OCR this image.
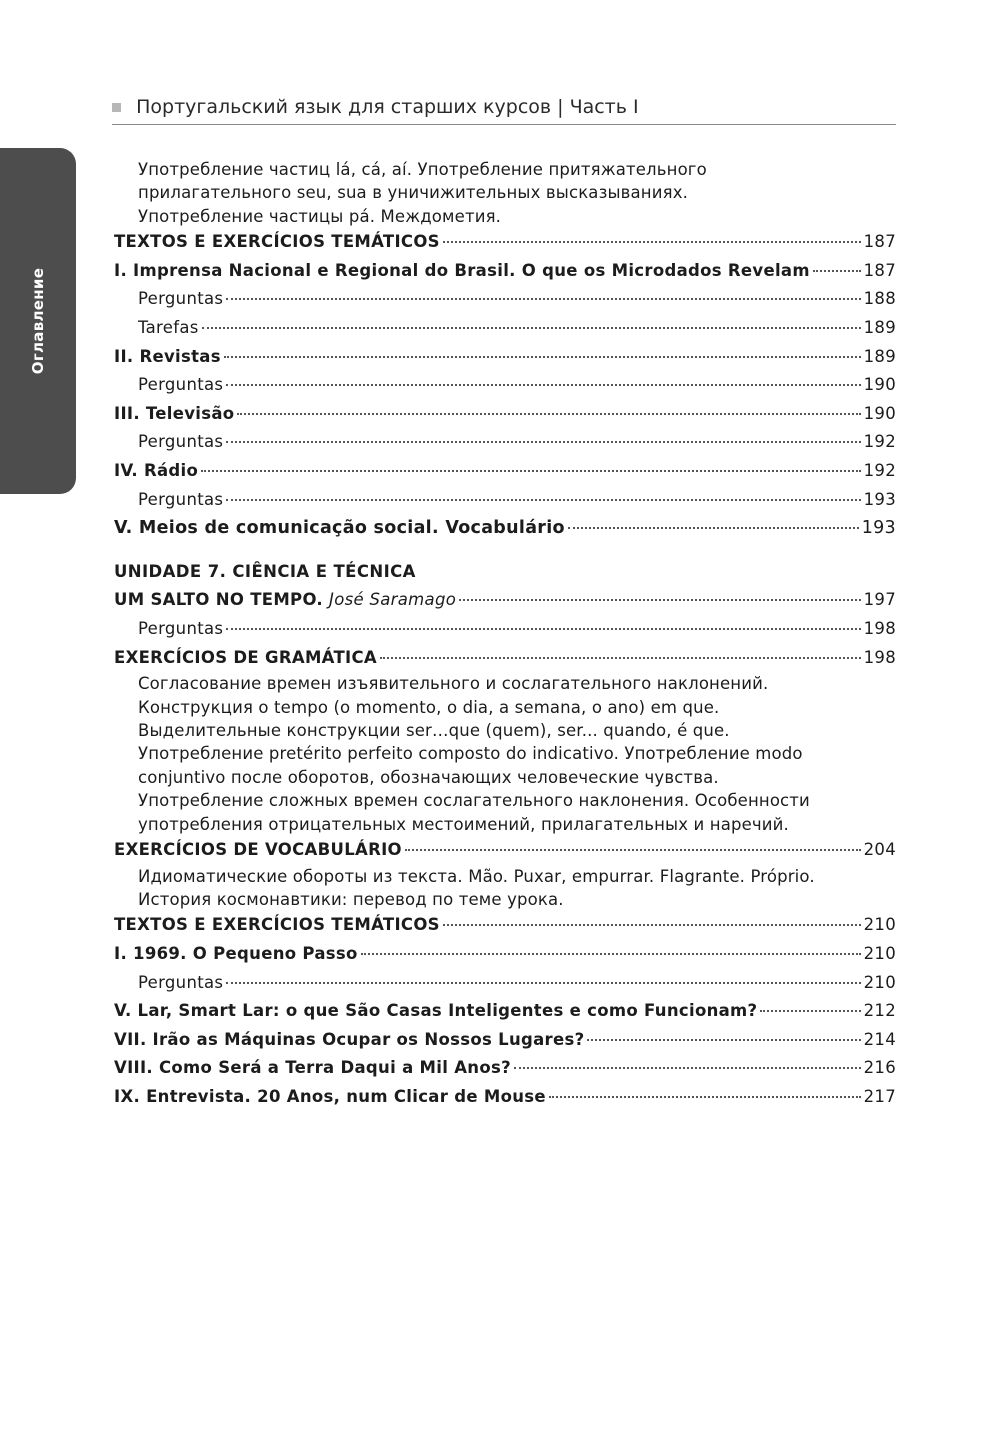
Оглавление
Португальский язык для старших курсов | Часть I
Употребление частиц lá, cá, aí. Употребление притяжательного
прилагательного seu, sua в уничижительных высказываниях.
Употребление частицы pá. Междометия.
TEXTOS E EXERCÍCIOS TEMÁTICOS	187
I. Imprensa Nacional e Regional do Brasil. O que os Microdados Revelam	187
Perguntas	188
Tarefas	189
II. Revistas	189
Perguntas	190
III. Televisão	190
Perguntas	192
IV. Rádio	192
Perguntas	193
V. Meios de comunicação social. Vocabulário	193
UNIDADE 7. CIÊNCIA E TÉCNICA
UM SALTO NO TEMPO. José Saramago	197
Perguntas	198
EXERCÍCIOS DE GRAMÁTICA	198
Согласование времен изъявительного и сослагательного наклонений.
Конструкция o tempo (o momento, o dia, a semana, o ano) em que.
Выделительные конструкции ser…que (quem), ser... quando, é que.
Употребление pretérito perfeito composto do indicativo. Употребление modo
conjuntivo после оборотов, обозначающих человеческие чувства.
Употребление сложных времен сослагательного наклонения. Особенности
употребления отрицательных местоимений, прилагательных и наречий.
EXERCÍCIOS DE VOCABULÁRIO	204
Идиоматические обороты из текста. Mão. Puxar, empurrar. Flagrante. Próprio.
История космонавтики: перевод по теме урока.
TEXTOS E EXERCÍCIOS TEMÁTICOS	210
I. 1969. O Pequeno Passo	210
Perguntas	210
V. Lar, Smart Lar: o que São Casas Inteligentes e como Funcionam?	212
VII. Irão as Máquinas Ocupar os Nossos Lugares?	214
VIII. Como Será a Terra Daqui a Mil Anos?	216
IX. Entrevista. 20 Anos, num Clicar de Mouse	217
